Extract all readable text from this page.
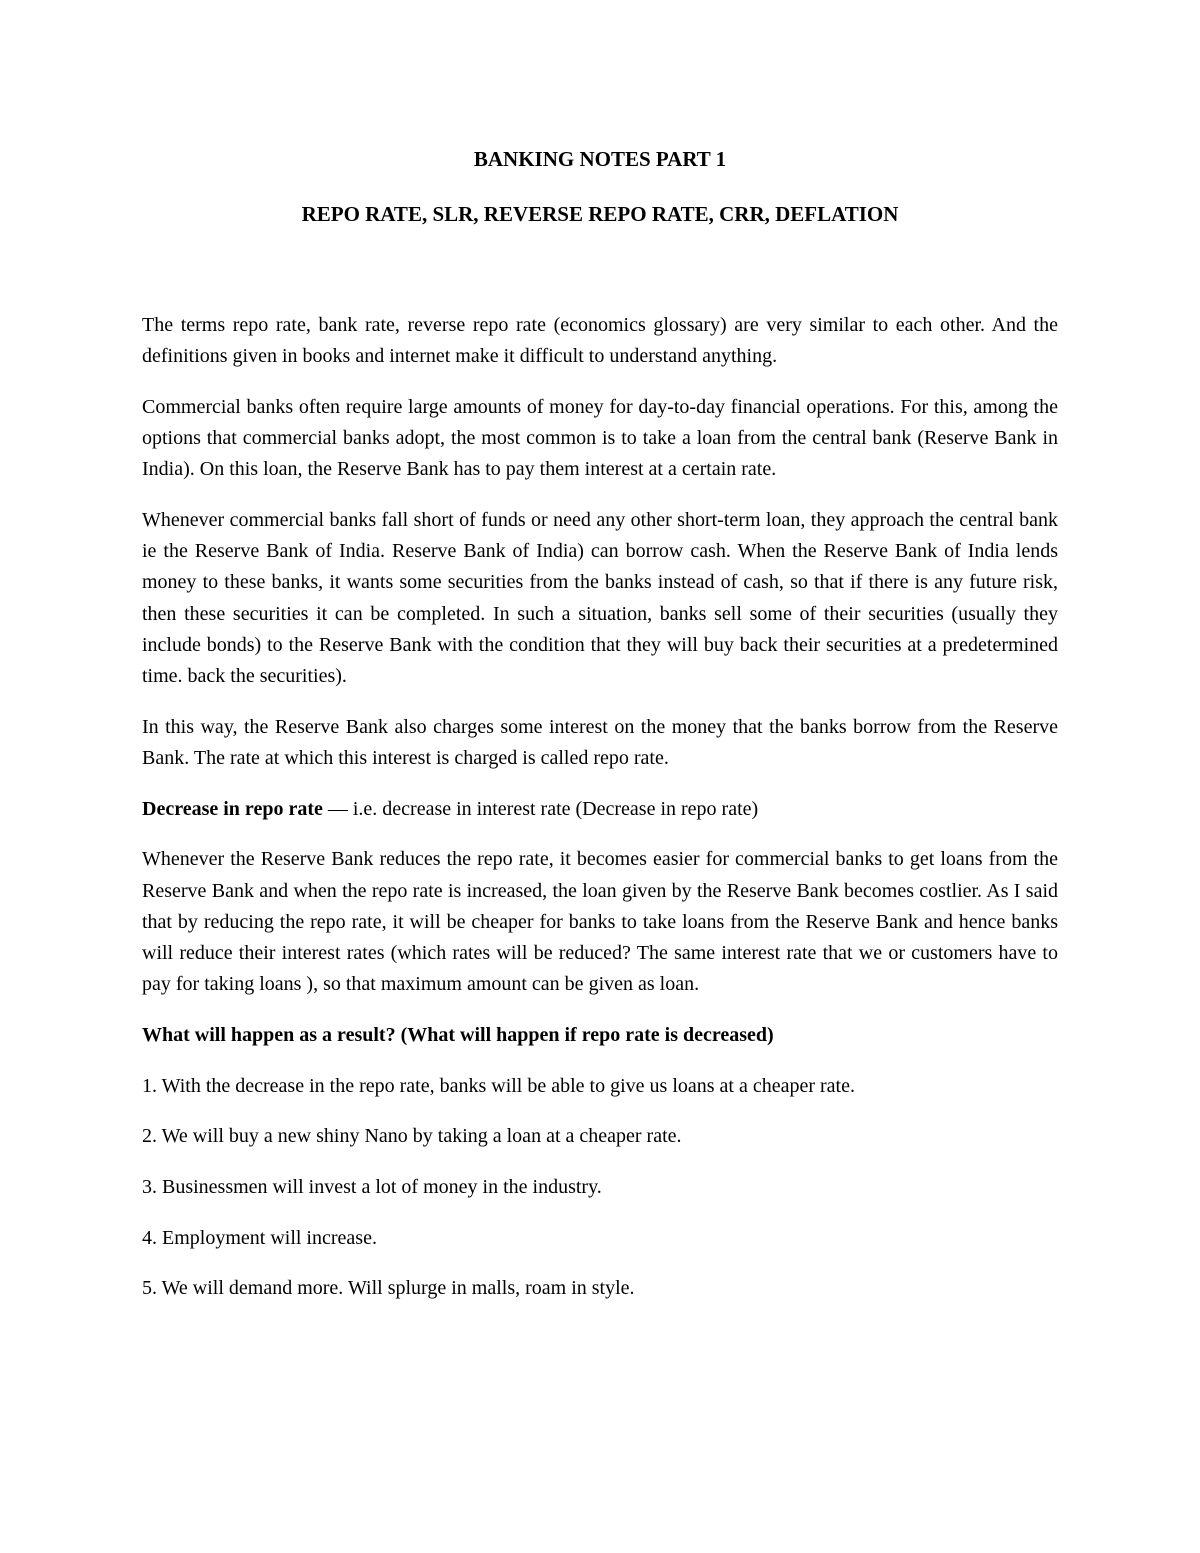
BANKING NOTES PART 1
REPO RATE, SLR, REVERSE REPO RATE, CRR, DEFLATION

The terms repo rate, bank rate, reverse repo rate (economics glossary) are very similar to each other. And the definitions given in books and internet make it difficult to understand anything.

Commercial banks often require large amounts of money for day-to-day financial operations. For this, among the options that commercial banks adopt, the most common is to take a loan from the central bank (Reserve Bank in India). On this loan, the Reserve Bank has to pay them interest at a certain rate.

Whenever commercial banks fall short of funds or need any other short-term loan, they approach the central bank ie the Reserve Bank of India. Reserve Bank of India) can borrow cash. When the Reserve Bank of India lends money to these banks, it wants some securities from the banks instead of cash, so that if there is any future risk, then these securities it can be completed. In such a situation, banks sell some of their securities (usually they include bonds) to the Reserve Bank with the condition that they will buy back their securities at a predetermined time. back the securities).

In this way, the Reserve Bank also charges some interest on the money that the banks borrow from the Reserve Bank. The rate at which this interest is charged is called repo rate.

Decrease in repo rate — i.e. decrease in interest rate (Decrease in repo rate)

Whenever the Reserve Bank reduces the repo rate, it becomes easier for commercial banks to get loans from the Reserve Bank and when the repo rate is increased, the loan given by the Reserve Bank becomes costlier. As I said that by reducing the repo rate, it will be cheaper for banks to take loans from the Reserve Bank and hence banks will reduce their interest rates (which rates will be reduced? The same interest rate that we or customers have to pay for taking loans ), so that maximum amount can be given as loan.

What will happen as a result? (What will happen if repo rate is decreased)

1. With the decrease in the repo rate, banks will be able to give us loans at a cheaper rate.

2. We will buy a new shiny Nano by taking a loan at a cheaper rate.

3. Businessmen will invest a lot of money in the industry.

4. Employment will increase.

5. We will demand more. Will splurge in malls, roam in style.
